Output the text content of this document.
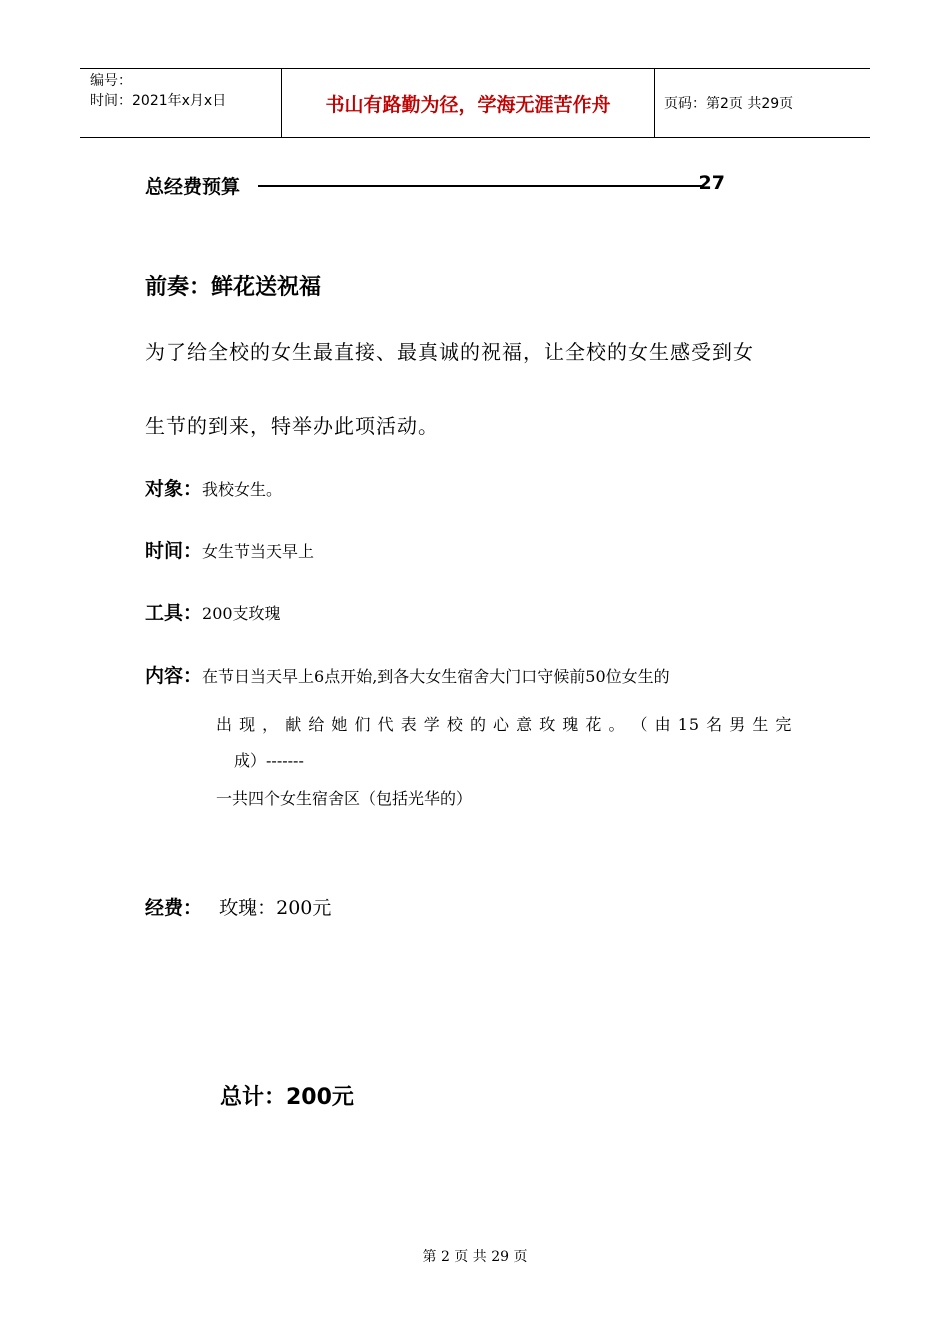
编号：
时间：2021年x月x日	书山有路勤为径，学海无涯苦作舟	页码：第2页 共29页
总经费预算	27
前奏：鲜花送祝福
为了给全校的女生最直接、最真诚的祝福，让全校的女生感受到女
生节的到来，特举办此项活动。
对象：我校女生。
时间：女生节当天早上
工具：200支玫瑰
内容：在节日当天早上6点开始,到各大女生宿舍大门口守候前50位女生的
出 现 ， 献 给 她 们 代 表 学 校 的 心 意 玫 瑰 花 。 （ 由 15 名 男 生 完
成）-------
一共四个女生宿舍区（包括光华的）
经费： 玫瑰：200元
总计：200元
第 2 页 共 29 页
